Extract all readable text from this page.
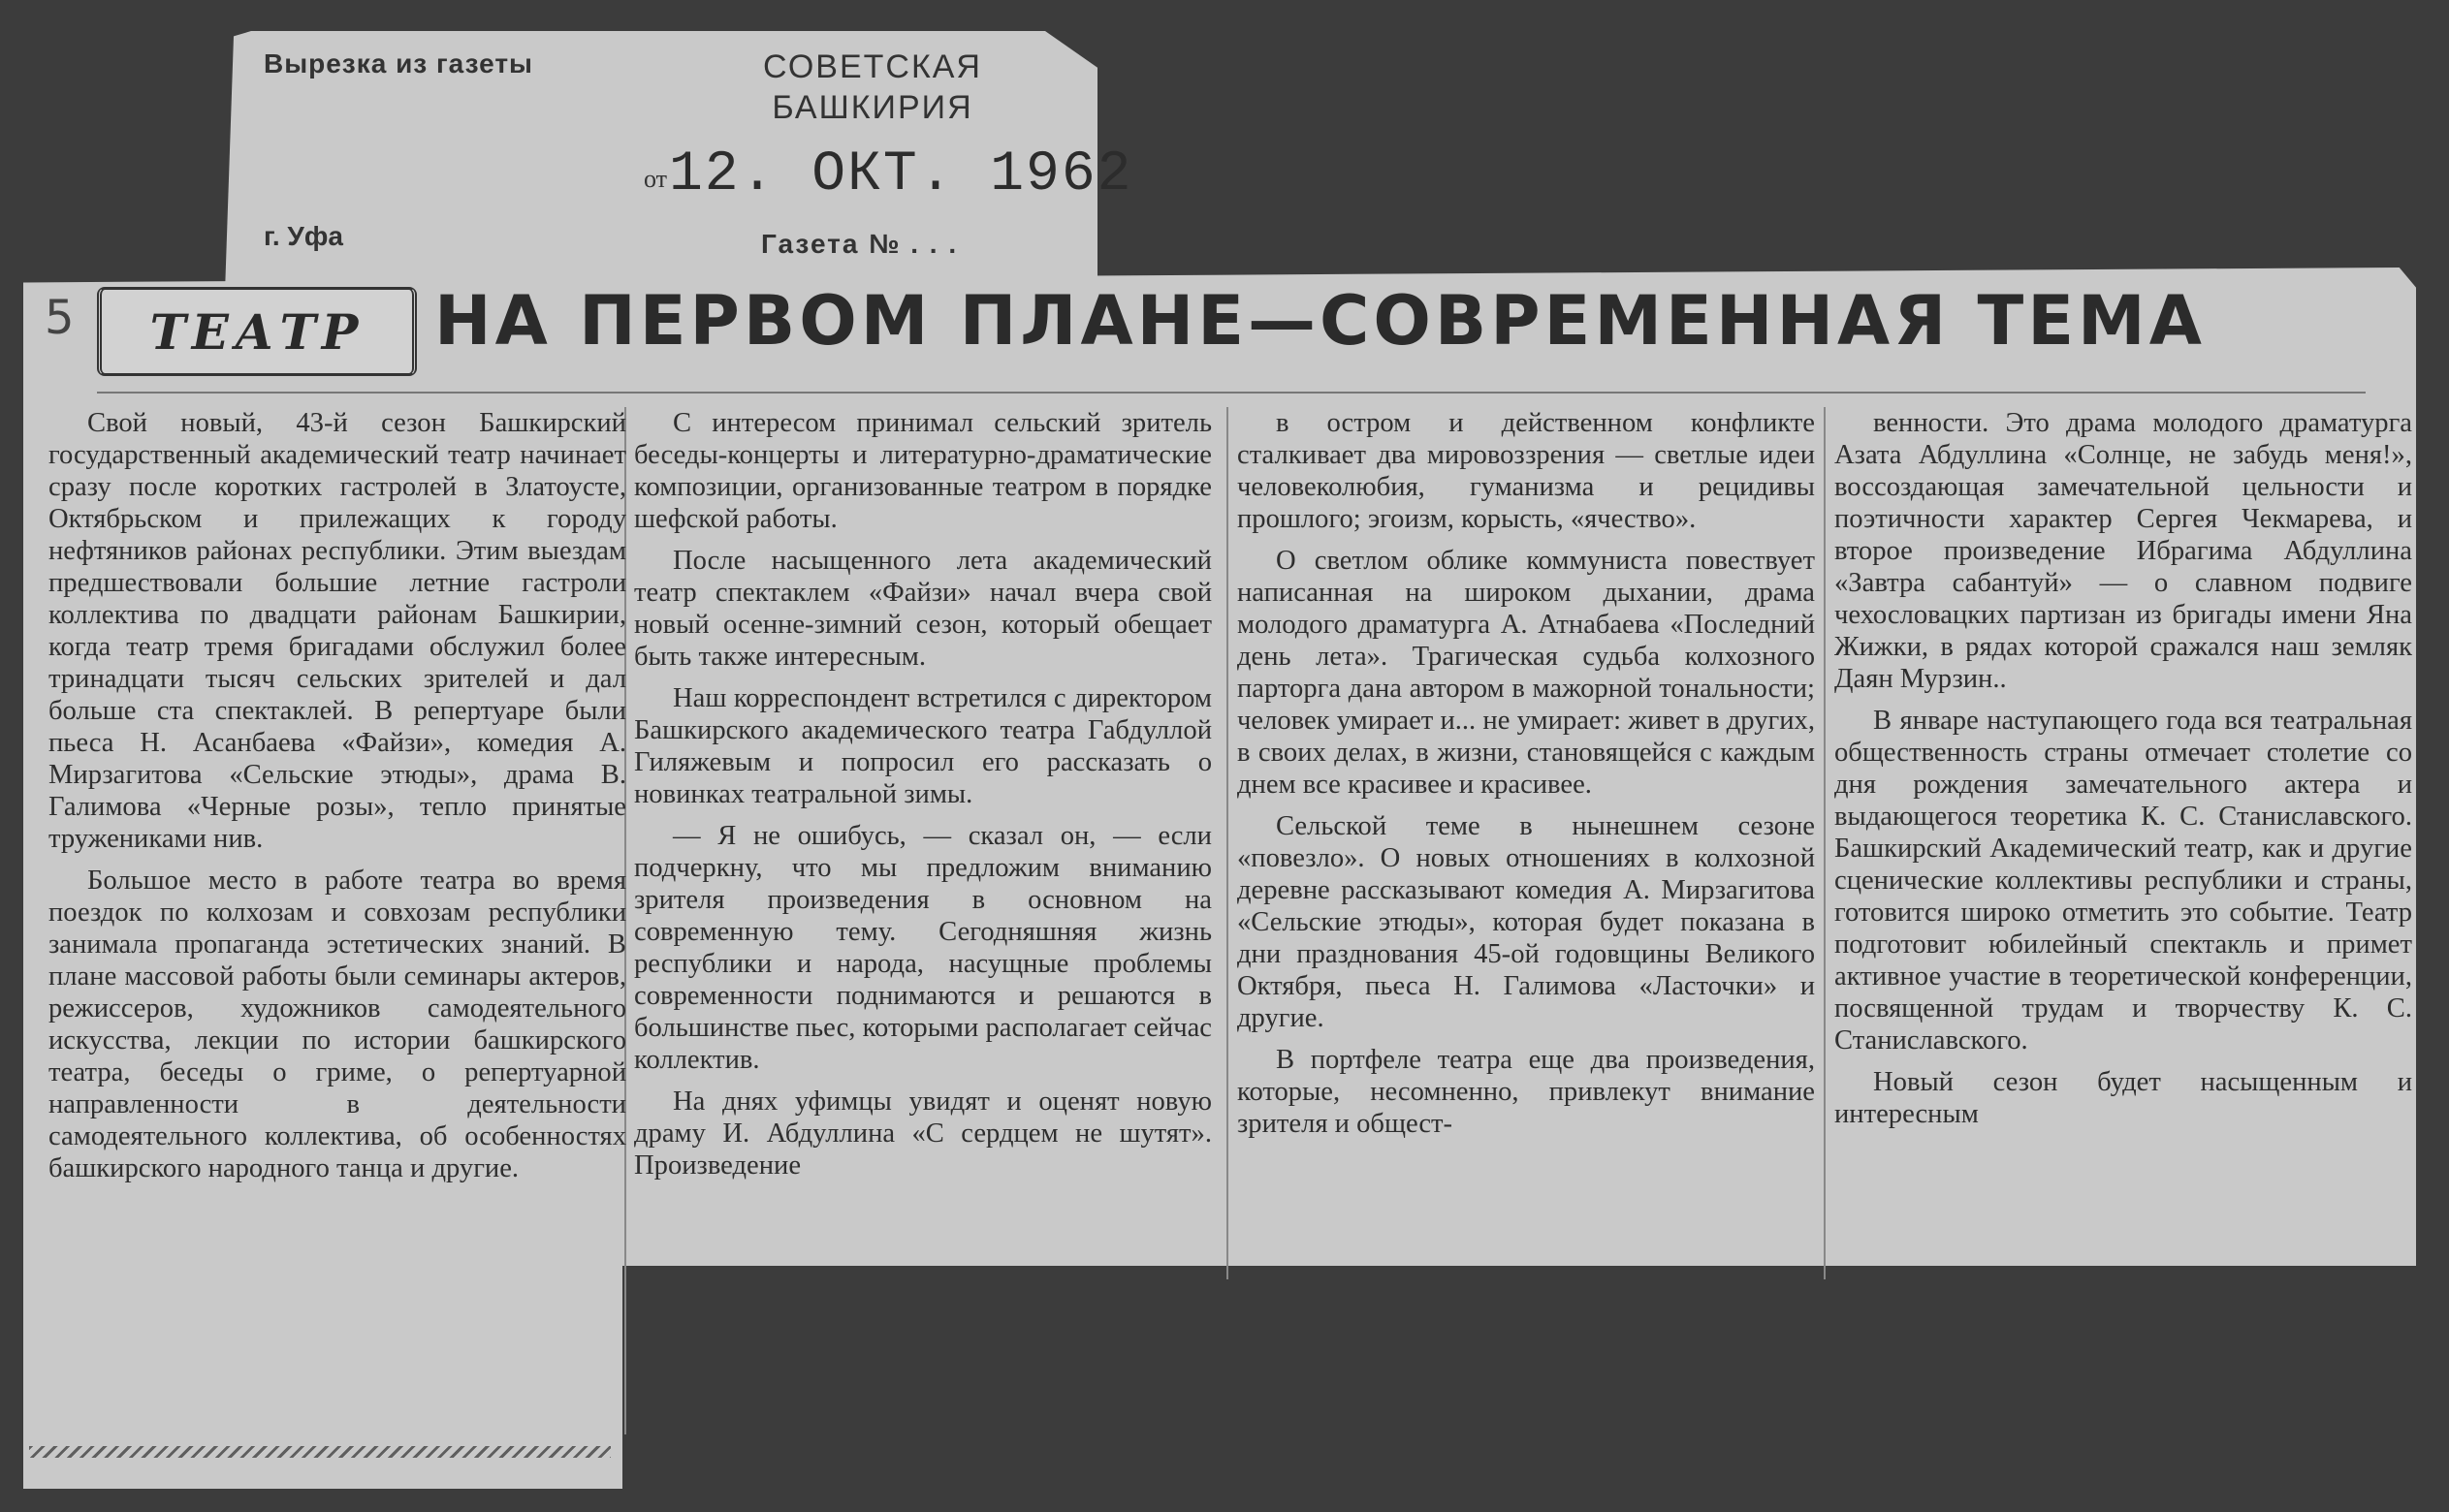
Вырезка из газеты	СОВЕТСКАЯ БАШКИРИЯ
от 12. ОКТ. 1962
г. Уфа	Газета № . . .
5 ТЕАТР НА ПЕРВОМ ПЛАНЕ—СОВРЕМЕННАЯ ТЕМА

Свой новый, 43-й сезон Башкирский государственный академический театр начинает сразу после коротких гастролей в Златоусте, Октябрьском и прилежащих к городу нефтяников районах республики. Этим выездам предшествовали большие летние гастроли коллектива по двадцати районам Башкирии, когда театр тремя бригадами обслужил более тринадцати тысяч сельских зрителей и дал больше ста спектаклей. В репертуаре были пьеса Н. Асанбаева «Файзи», комедия А. Мирзагитова «Сельские этюды», драма В. Галимова «Черные розы», тепло принятые тружениками нив.

Большое место в работе театра во время поездок по колхозам и совхозам республики занимала пропаганда эстетических знаний. В плане массовой работы были семинары актеров, режиссеров, художников самодеятельного искусства, лекции по истории башкирского театра, беседы о гриме, о репертуарной направленности в деятельности самодеятельного коллектива, об особенностях башкирского народного танца и другие.

С интересом принимал сельский зритель беседы-концерты и литературно-драматические композиции, организованные театром в порядке шефской работы.

После насыщенного лета академический театр спектаклем «Файзи» начал вчера свой новый осенне-зимний сезон, который обещает быть также интересным.

Наш корреспондент встретился с директором Башкирского академического театра Габдуллой Гиляжевым и попросил его рассказать о новинках театральной зимы.

— Я не ошибусь, — сказал он, — если подчеркну, что мы предложим вниманию зрителя произведения в основном на современную тему. Сегодняшняя жизнь республики и народа, насущные проблемы современности поднимаются и решаются в большинстве пьес, которыми располагает сейчас коллектив.

На днях уфимцы увидят и оценят новую драму И. Абдуллина «С сердцем не шутят». Произведение

в остром и действенном конфликте сталкивает два мировоззрения — светлые идеи человеколюбия, гуманизма и рецидивы прошлого; эгоизм, корысть, «ячество».

О светлом облике коммуниста повествует написанная на широком дыхании, драма молодого драматурга А. Атнабаева «Последний день лета». Трагическая судьба колхозного парторга дана автором в мажорной тональности; человек умирает и... не умирает: живет в других, в своих делах, в жизни, становящейся с каждым днем все красивее и красивее.

Сельской теме в нынешнем сезоне «повезло». О новых отношениях в колхозной деревне рассказывают комедия А. Мирзагитова «Сельские этюды», которая будет показана в дни празднования 45-ой годовщины Великого Октября, пьеса Н. Галимова «Ласточки» и другие.

В портфеле театра еще два произведения, которые, несомненно, привлекут внимание зрителя и общест-

венности. Это драма молодого драматурга Азата Абдуллина «Солнце, не забудь меня!», воссоздающая замечательной цельности и поэтичности характер Сергея Чекмарева, и второе произведение Ибрагима Абдуллина «Завтра сабантуй» — о славном подвиге чехословацких партизан из бригады имени Яна Жижки, в рядах которой сражался наш земляк Даян Мурзин..

В январе наступающего года вся театральная общественность страны отмечает столетие со дня рождения замечательного актера и выдающегося теоретика К. С. Станиславского. Башкирский Академический театр, как и другие сценические коллективы республики и страны, готовится широко отметить это событие. Театр подготовит юбилейный спектакль и примет активное участие в теоретической конференции, посвященной трудам и творчеству К. С. Станиславского.

Новый сезон будет насыщенным и интересным
